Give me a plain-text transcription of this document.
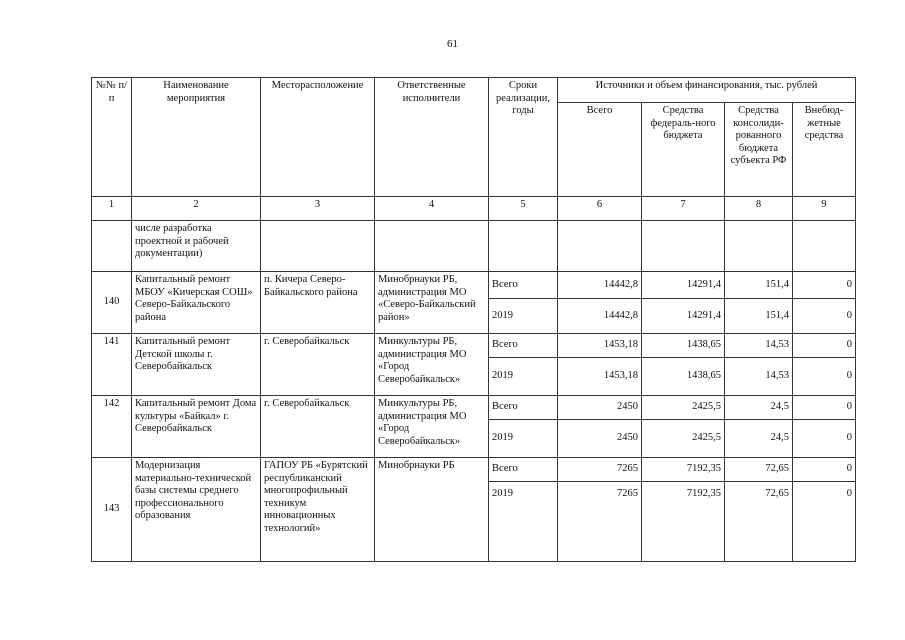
61
№№ п/п	Наименование мероприятия	Месторасположение	Ответственные исполнители	Сроки реализации, годы	Источники и объем финансирования, тыс. рублей			
					Всего	Средства федераль-ного бюджета	Средства консолиди-рованного бюджета субъекта РФ	Внебюд-жетные средства
1	2	3	4	5	6	7	8	9
	числе разработка проектной и рабочей документации)							
140	Капитальный ремонт МБОУ «Кичерская СОШ» Северо-Байкальского района	п. Кичера Северо-Байкальского района	Минобрнауки РБ, администрация МО «Северо-Байкальский район»	Всего	14442,8	14291,4	151,4	0
				2019	14442,8	14291,4	151,4	0
141	Капитальный ремонт Детской школы г. Северобайкальск	г. Северобайкальск	Минкультуры РБ, администрация МО «Город Северобайкальск»	Всего	1453,18	1438,65	14,53	0
				2019	1453,18	1438,65	14,53	0
142	Капитальный ремонт Дома культуры «Байкал» г. Северобайкальск	г. Северобайкальск	Минкультуры РБ, администрация МО «Город Северобайкальск»	Всего	2450	2425,5	24,5	0
				2019	2450	2425,5	24,5	0
143	Модернизация материально-технической базы системы среднего профессионального образования	ГАПОУ РБ «Бурятский республиканский многопрофильный техникум инновационных технологий»	Минобрнауки РБ	Всего	7265	7192,35	72,65	0
				2019	7265	7192,35	72,65	0
